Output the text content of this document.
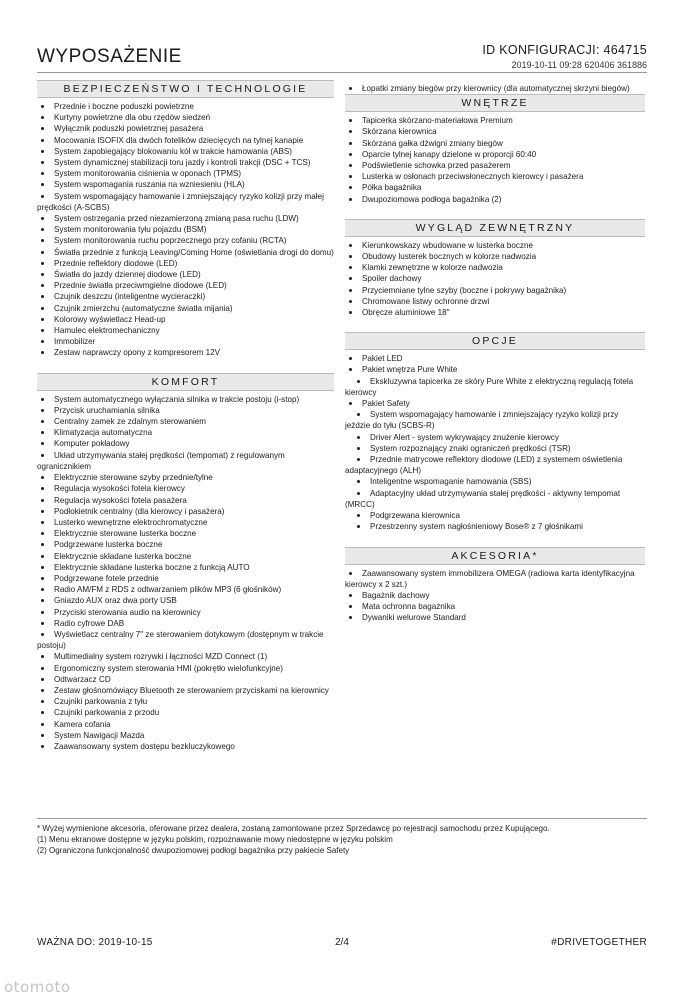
WYPOSAŻENIE	ID KONFIGURACJI: 464715
2019-10-11 09:28 620406 361886
BEZPIECZEŃSTWO I TECHNOLOGIE
Przednie i boczne poduszki powietrzne
Kurtyny powietrzne dla obu rzędów siedzeń
Wyłącznik poduszki powietrznej pasażera
Mocowania ISOFIX dla dwóch fotelików dziecięcych na tylnej kanapie
System zapobiegający blokowaniu kół w trakcie hamowania (ABS)
System dynamicznej stabilizacji toru jazdy i kontroli trakcji (DSC + TCS)
System monitorowania ciśnienia w oponach (TPMS)
System wspomagania ruszania na wzniesieniu (HLA)
System wspomagający hamowanie i zmniejszający ryzyko kolizji przy małej prędkości (A-SCBS)
System ostrzegania przed niezamierzoną zmianą pasa ruchu (LDW)
System monitorowania tyłu pojazdu (BSM)
System monitorowania ruchu poprzecznego przy cofaniu (RCTA)
Światła przednie z funkcją Leaving/Coming Home (oświetlania drogi do domu)
Przednie reflektory diodowe (LED)
Światła do jazdy dziennej diodowe (LED)
Przednie światła przeciwmgielne diodowe (LED)
Czujnik deszczu (inteligentne wycieraczki)
Czujnik zmierzchu (automatyczne światła mijania)
Kolorowy wyświetlacz Head-up
Hamulec elektromechaniczny
Immobilizer
Zestaw naprawczy opony z kompresorem 12V
KOMFORT
System automatycznego wyłączania silnika w trakcie postoju (i-stop)
Przycisk uruchamiania silnika
Centralny zamek ze zdalnym sterowaniem
Klimatyzacja automatyczna
Komputer pokładowy
Układ utrzymywania stałej prędkości (tempomat) z regulowanym ogranicznikiem
Elektrycznie sterowane szyby przednie/tylne
Regulacja wysokości fotela kierowcy
Regulacja wysokości fotela pasażera
Podłokietnik centralny (dla kierowcy i pasażera)
Lusterko wewnętrzne elektrochromatyczne
Elektrycznie sterowane lusterka boczne
Podgrzewane lusterka boczne
Elektrycznie składane lusterka boczne
Elektrycznie składane lusterka boczne z funkcją AUTO
Podgrzewane fotele przednie
Radio AM/FM z RDS z odtwarzaniem plików MP3 (6 głośników)
Gniazdo AUX oraz dwa porty USB
Przyciski sterowania audio na kierownicy
Radio cyfrowe DAB
Wyświetlacz centralny 7" ze sterowaniem dotykowym (dostępnym w trakcie postoju)
Multimedialny system rozrywki i łączności MZD Connect (1)
Ergonomiczny system sterowania HMI (pokrętło wielofunkcyjne)
Odtwarzacz CD
Zestaw głośnomówiący Bluetooth ze sterowaniem przyciskami na kierownicy
Czujniki parkowania z tyłu
Czujniki parkowania z przodu
Kamera cofania
System Nawigacji Mazda
Zaawansowany system dostępu bezkluczykowego
Łopatki zmiany biegów przy kierownicy (dla automatycznej skrzyni biegów)
WNĘTRZE
Tapicerka skórzano-materiałowa Premium
Skórzana kierownica
Skórzana gałka dźwigni zmiany biegów
Oparcie tylnej kanapy dzielone w proporcji 60:40
Podświetlenie schowka przed pasażerem
Lusterka w osłonach przeciwsłonecznych kierowcy i pasażera
Półka bagażnika
Dwupoziomowa podłoga bagażnika (2)
WYGLĄD ZEWNĘTRZNY
Kierunkowskazy wbudowane w lusterka boczne
Obudowy lusterek bocznych w kolorze nadwozia
Klamki zewnętrzne w kolorze nadwozia
Spoiler dachowy
Przyciemniane tylne szyby (boczne i pokrywy bagażnika)
Chromowane listwy ochronne drzwi
Obręcze aluminiowe 18"
OPCJE
Pakiet LED
Pakiet wnętrza Pure White
Ekskluzywna tapicerka ze skóry Pure White z elektryczną regulacją fotela kierowcy
Pakiet Safety
System wspomagający hamowanie i zmniejszający ryzyko kolizji przy jeździe do tyłu (SCBS-R)
Driver Alert - system wykrywający znużenie kierowcy
System rozpoznający znaki ograniczeń prędkości (TSR)
Przednie matrycowe reflektory diodowe (LED) z systemem oświetlenia adaptacyjnego (ALH)
Inteligentne wspomaganie hamowania (SBS)
Adaptacyjny układ utrzymywania stałej prędkości - aktywny tempomat (MRCC)
Podgrzewana kierownica
Przestrzenny system nagłośnieniowy Bose® z 7 głośnikami
AKCESORIA*
Zaawansowany system immobilizera OMEGA (radiowa karta identyfikacyjna kierowcy x 2 szt.)
Bagażnik dachowy
Mata ochronna bagażnika
Dywaniki welurowe Standard
* Wyżej wymienione akcesoria, oferowane przez dealera, zostaną zamontowane przez Sprzedawcę po rejestracji samochodu przez Kupującego.
(1) Menu ekranowe dostępne w języku polskim, rozpoznawanie mowy niedostępne w języku polskim
(2) Ograniczona funkcjonalność dwupoziomowej podłogi bagażnika przy pakiecie Safety
WAŻNA DO: 2019-10-15	2/4	#DRIVETOGETHER
otomoto
